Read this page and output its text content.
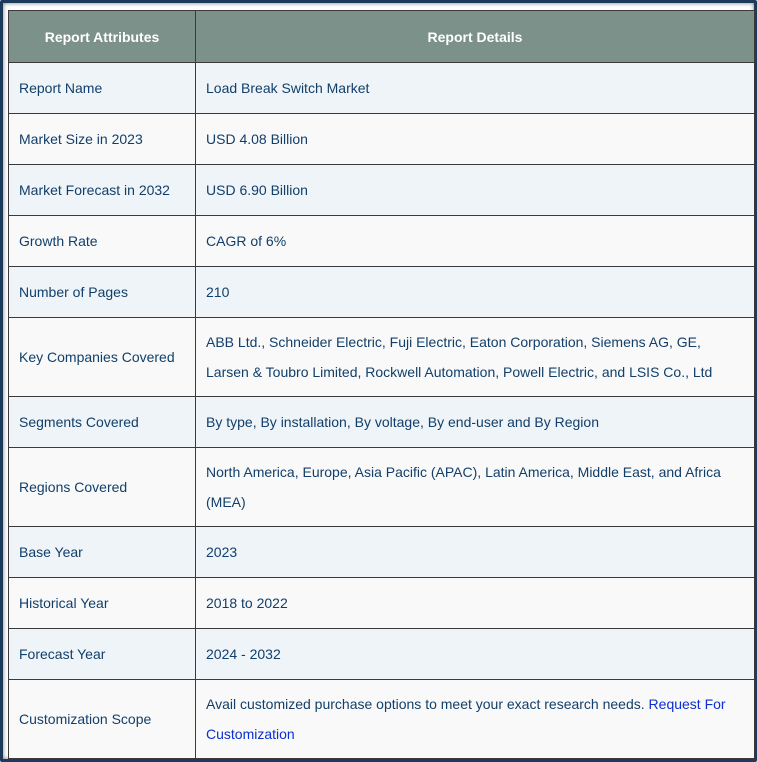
Report Attributes	Report Details
Report Name	Load Break Switch Market
Market Size in 2023	USD 4.08 Billion
Market Forecast in 2032	USD 6.90 Billion
Growth Rate	CAGR of 6%
Number of Pages	210
Key Companies Covered	ABB Ltd., Schneider Electric, Fuji Electric, Eaton Corporation, Siemens AG, GE, Larsen & Toubro Limited, Rockwell Automation, Powell Electric, and LSIS Co., Ltd
Segments Covered	By type, By installation, By voltage, By end-user and By Region
Regions Covered	North America, Europe, Asia Pacific (APAC), Latin America, Middle East, and Africa (MEA)
Base Year	2023
Historical Year	2018 to 2022
Forecast Year	2024 - 2032
Customization Scope	Avail customized purchase options to meet your exact research needs. Request For Customization
